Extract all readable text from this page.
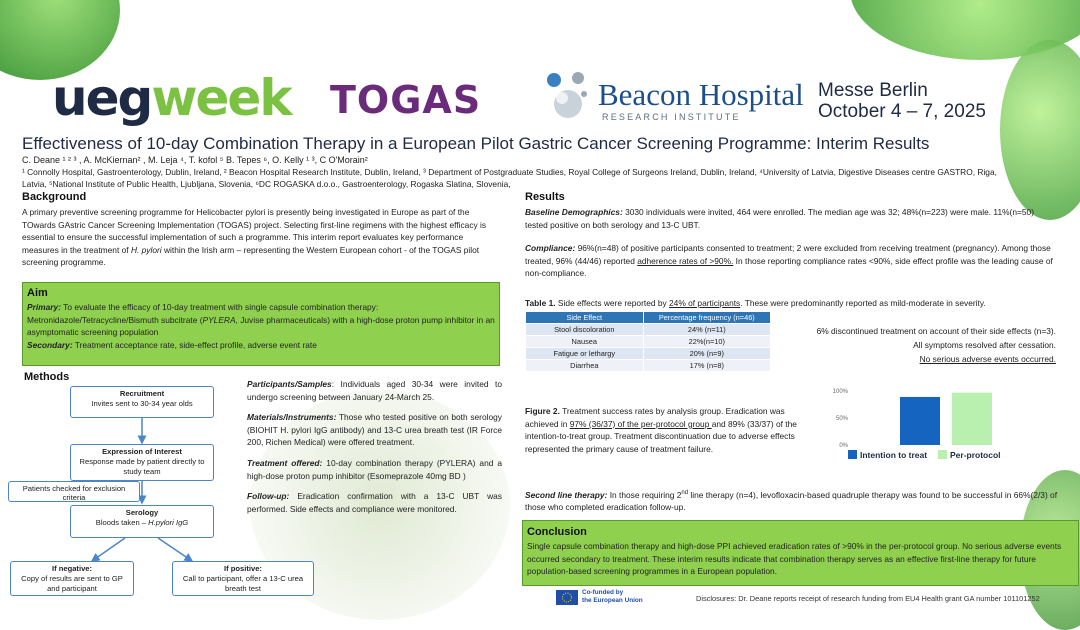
uegweek TOGAS	Beacon Hospital
RESEARCH INSTITUTE
Messe Berlin
October 4 – 7, 2025
Effectiveness of 10-day Combination Therapy in a European Pilot Gastric Cancer Screening Programme: Interim Results
C. Deane ¹ ² ³ , A. McKiernan² , M. Leja ⁴, T. kofol ⁵ B. Tepes ⁶, O. Kelly ¹ ³, C O'Morain²
¹ Connolly Hospital, Gastroenterology, Dublin, Ireland, ² Beacon Hospital Research Institute, Dublin, Ireland, ³ Department of Postgraduate Studies, Royal College of Surgeons Ireland, Dublin, Ireland, ⁴University of Latvia, Digestive Diseases centre GASTRO, Riga, Latvia, ⁵National Institute of Public Health, Ljubljana, Slovenia, ⁶DC ROGASKA d.o.o., Gastroenterology, Rogaska Slatina, Slovenia,
Background
A primary preventive screening programme for Helicobacter pylori is presently being investigated in Europe as part of the TOwards GAstric Cancer Screening Implementation (TOGAS) project. Selecting first-line regimens with the highest efficacy is essential to ensure the successful implementation of such a programme. This interim report evaluates key performance measures in the treatment of H. pylori within the Irish arm – representing the Western European cohort - of the TOGAS pilot screening programme.
Aim
Primary: To evaluate the efficacy of 10-day treatment with single capsule combination therapy: Metronidazole/Tetracycline/Bismuth subcitrate (PYLERA, Juvise pharmaceuticals) with a high-dose proton pump inhibitor in an asymptomatic screening population
Secondary: Treatment acceptance rate, side-effect profile, adverse event rate
Methods
Recruitment
Invites sent to 30-34 year olds
Expression of Interest
Response made by patient directly to study team
Patients checked for exclusion criteria
Serology
Bloods taken – H.pylori IgG
If negative:
Copy of results are sent to GP and participant
If positive:
Call to participant, offer a 13-C urea breath test
Participants/Samples: Individuals aged 30-34 were invited to undergo screening between January 24-March 25.
Materials/Instruments: Those who tested positive on both serology (BIOHIT H. pylori IgG antibody) and 13-C urea breath test (IR Force 200, Richen Medical) were offered treatment.
Treatment offered: 10-day combination therapy (PYLERA) and a high-dose proton pump inhibitor (Esomeprazole 40mg BD )
Follow-up: Eradication confirmation with a 13-C UBT was performed. Side effects and compliance were monitored.
Results
Baseline Demographics: 3030 individuals were invited, 464 were enrolled. The median age was 32; 48%(n=223) were male. 11%(n=50) tested positive on both serology and 13-C UBT.
Compliance: 96%(n=48) of positive participants consented to treatment; 2 were excluded from receiving treatment (pregnancy). Among those treated, 96% (44/46) reported adherence rates of >90%. In those reporting compliance rates <90%, side effect profile was the leading cause of non-compliance.
Table 1. Side effects were reported by 24% of participants. These were predominantly reported as mild-moderate in severity.
Side Effect	Percentage frequency (n=46)
Stool discoloration	24% (n=11)
Nausea	22%(n=10)
Fatigue or lethargy	20% (n=9)
Diarrhea	17% (n=8)
6% discontinued treatment on account of their side effects (n=3).
All symptoms resolved after cessation.
No serious adverse events occurred.
Figure 2. Treatment success rates by analysis group. Eradication was achieved in 97% (36/37) of the per-protocol group and 89% (33/37) of the intention-to-treat group. Treatment discontinuation due to adverse effects represented the primary cause of treatment failure.	0%
50%
100%
Intention to treat	Per-protocol
Second line therapy: In those requiring 2nd line therapy (n=4), levofloxacin-based quadruple therapy was found to be successful in 66%(2/3) of those who completed eradication follow-up.
Conclusion
Single capsule combination therapy and high-dose PPI achieved eradication rates of >90% in the per-protocol group. No serious adverse events occurred secondary to treatment. These interim results indicate that combination therapy serves as an effective first-line therapy for future population-based screening programmes in a European population.
Co-funded by
the European Union	Disclosures: Dr. Deane reports receipt of research funding from EU4 Health grant GA number 101101252
